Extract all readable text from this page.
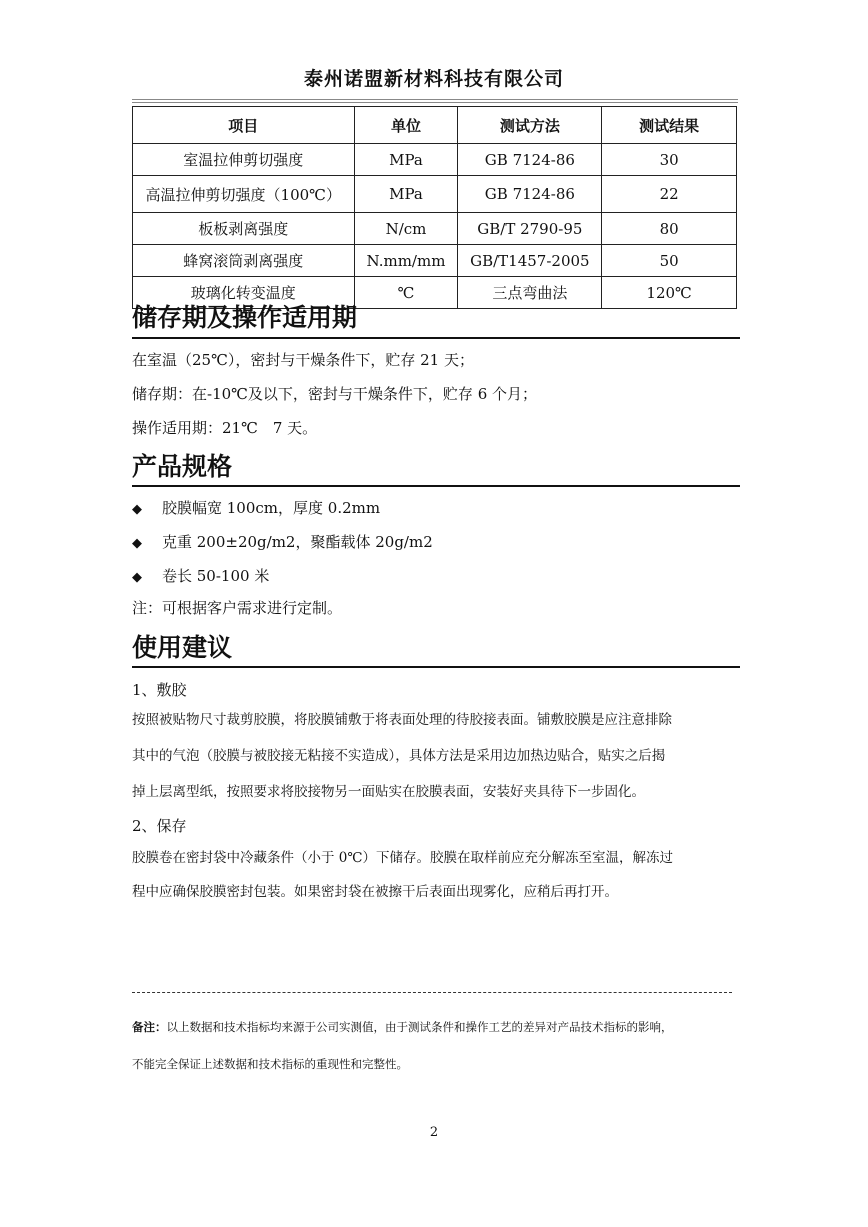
泰州诺盟新材料科技有限公司
项目	单位	测试方法	测试结果
室温拉伸剪切强度	MPa	GB 7124-86	30
高温拉伸剪切强度（100℃）	MPa	GB 7124-86	22
板板剥离强度	N/cm	GB/T 2790-95	80
蜂窝滚筒剥离强度	N.mm/mm	GB/T1457-2005	50
玻璃化转变温度	℃	三点弯曲法	120℃
储存期及操作适用期
在室温（25℃），密封与干燥条件下，贮存 21 天；
储存期：在-10℃及以下，密封与干燥条件下，贮存 6 个月；
操作适用期：21℃　7 天。
产品规格
◆ 胶膜幅宽 100cm，厚度 0.2mm
◆ 克重 200±20g/m2，聚酯载体 20g/m2
◆ 卷长 50-100 米
注：可根据客户需求进行定制。
使用建议
1、敷胶
按照被贴物尺寸裁剪胶膜，将胶膜铺敷于将表面处理的待胶接表面。铺敷胶膜是应注意排除
其中的气泡（胶膜与被胶接无粘接不实造成），具体方法是采用边加热边贴合，贴实之后揭
掉上层离型纸，按照要求将胶接物另一面贴实在胶膜表面，安装好夹具待下一步固化。
2、保存
胶膜卷在密封袋中冷藏条件（小于 0℃）下储存。胶膜在取样前应充分解冻至室温，解冻过
程中应确保胶膜密封包装。如果密封袋在被擦干后表面出现雾化，应稍后再打开。
备注：以上数据和技术指标均来源于公司实测值，由于测试条件和操作工艺的差异对产品技术指标的影响，
不能完全保证上述数据和技术指标的重现性和完整性。
2
